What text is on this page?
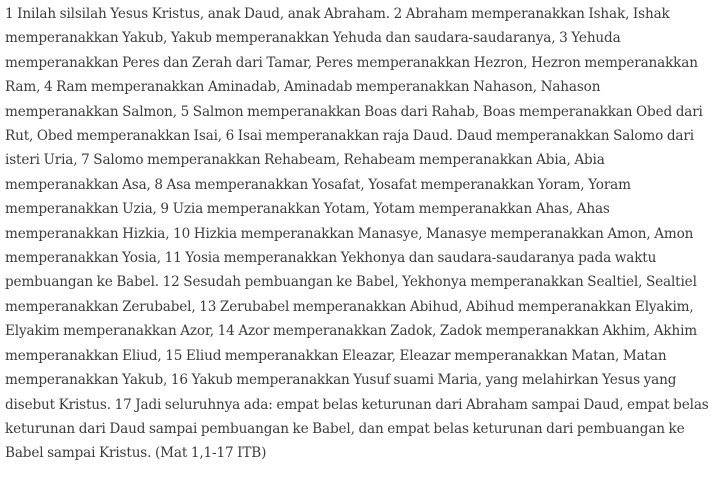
1 Inilah silsilah Yesus Kristus, anak Daud, anak Abraham. 2 Abraham memperanakkan Ishak, Ishak memperanakkan Yakub, Yakub memperanakkan Yehuda dan saudara-saudaranya, 3 Yehuda memperanakkan Peres dan Zerah dari Tamar, Peres memperanakkan Hezron, Hezron memperanakkan Ram, 4 Ram memperanakkan Aminadab, Aminadab memperanakkan Nahason, Nahason memperanakkan Salmon, 5 Salmon memperanakkan Boas dari Rahab, Boas memperanakkan Obed dari Rut, Obed memperanakkan Isai, 6 Isai memperanakkan raja Daud. Daud memperanakkan Salomo dari isteri Uria, 7 Salomo memperanakkan Rehabeam, Rehabeam memperanakkan Abia, Abia memperanakkan Asa, 8 Asa memperanakkan Yosafat, Yosafat memperanakkan Yoram, Yoram memperanakkan Uzia, 9 Uzia memperanakkan Yotam, Yotam memperanakkan Ahas, Ahas memperanakkan Hizkia, 10 Hizkia memperanakkan Manasye, Manasye memperanakkan Amon, Amon memperanakkan Yosia, 11 Yosia memperanakkan Yekhonya dan saudara-saudaranya pada waktu pembuangan ke Babel. 12 Sesudah pembuangan ke Babel, Yekhonya memperanakkan Sealtiel, Sealtiel memperanakkan Zerubabel, 13 Zerubabel memperanakkan Abihud, Abihud memperanakkan Elyakim, Elyakim memperanakkan Azor, 14 Azor memperanakkan Zadok, Zadok memperanakkan Akhim, Akhim memperanakkan Eliud, 15 Eliud memperanakkan Eleazar, Eleazar memperanakkan Matan, Matan memperanakkan Yakub, 16 Yakub memperanakkan Yusuf suami Maria, yang melahirkan Yesus yang disebut Kristus. 17 Jadi seluruhnya ada: empat belas keturunan dari Abraham sampai Daud, empat belas keturunan dari Daud sampai pembuangan ke Babel, dan empat belas keturunan dari pembuangan ke Babel sampai Kristus. (Mat 1,1-17 ITB)
